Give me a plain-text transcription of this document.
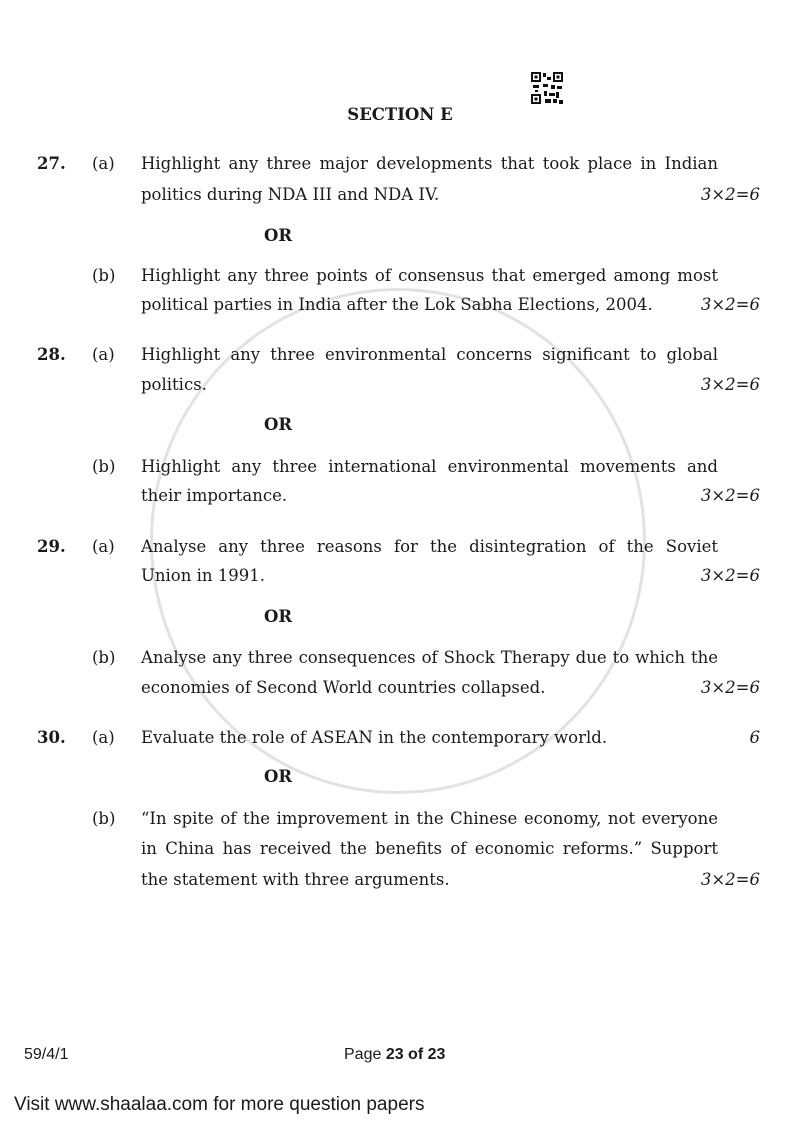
SECTION E
27. (a) Highlight any three major developments that took place in Indian
politics during NDA III and NDA IV.	3×2=6
OR
(b) Highlight any three points of consensus that emerged among most
political parties in India after the Lok Sabha Elections, 2004.	3×2=6
28. (a) Highlight any three environmental concerns significant to global
politics.	3×2=6
OR
(b) Highlight any three international environmental movements and
their importance.	3×2=6
29. (a) Analyse any three reasons for the disintegration of the Soviet
Union in 1991.	3×2=6
OR
(b) Analyse any three consequences of Shock Therapy due to which the
economies of Second World countries collapsed.	3×2=6
30. (a) Evaluate the role of ASEAN in the contemporary world.	6
OR
(b) “In spite of the improvement in the Chinese economy, not everyone
in China has received the benefits of economic reforms.” Support
the statement with three arguments.	3×2=6
59/4/1	Page 23 of 23
Visit www.shaalaa.com for more question papers
